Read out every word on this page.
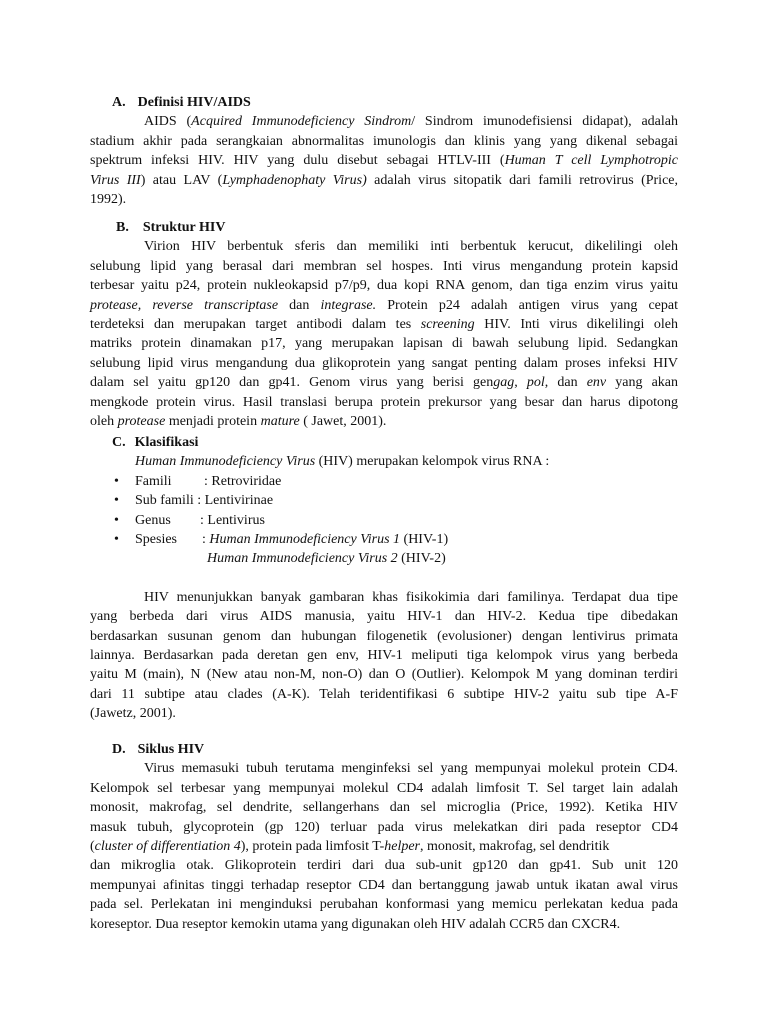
A. Definisi HIV/AIDS
AIDS (Acquired Immunodeficiency Sindrom/ Sindrom imunodefisiensi didapat), adalah
stadium akhir pada serangkaian abnormalitas imunologis dan klinis yang yang dikenal sebagai
spektrum infeksi HIV. HIV yang dulu disebut sebagai HTLV-III (Human T cell Lymphotropic
Virus III) atau LAV (Lymphadenophaty Virus) adalah virus sitopatik dari famili retrovirus (Price,
1992).
B. Struktur HIV
Virion HIV berbentuk sferis dan memiliki inti berbentuk kerucut, dikelilingi oleh
selubung lipid yang berasal dari membran sel hospes. Inti virus mengandung protein kapsid
terbesar yaitu p24, protein nukleokapsid p7/p9, dua kopi RNA genom, dan tiga enzim virus yaitu
protease, reverse transcriptase dan integrase. Protein p24 adalah antigen virus yang cepat
terdeteksi dan merupakan target antibodi dalam tes screening HIV. Inti virus dikelilingi oleh
matriks protein dinamakan p17, yang merupakan lapisan di bawah selubung lipid. Sedangkan
selubung lipid virus mengandung dua glikoprotein yang sangat penting dalam proses infeksi HIV
dalam sel yaitu gp120 dan gp41. Genom virus yang berisi gengag, pol, dan env yang akan
mengkode protein virus. Hasil translasi berupa protein prekursor yang besar dan harus dipotong
oleh protease menjadi protein mature ( Jawet, 2001).
C. Klasifikasi
Human Immunodeficiency Virus (HIV) merupakan kelompok virus RNA :
• Famili : Retroviridae
• Sub famili : Lentivirinae
• Genus : Lentivirus
• Spesies : Human Immunodeficiency Virus 1 (HIV-1)
Human Immunodeficiency Virus 2 (HIV-2)
HIV menunjukkan banyak gambaran khas fisikokimia dari familinya. Terdapat dua tipe
yang berbeda dari virus AIDS manusia, yaitu HIV-1 dan HIV-2. Kedua tipe dibedakan
berdasarkan susunan genom dan hubungan filogenetik (evolusioner) dengan lentivirus primata
lainnya. Berdasarkan pada deretan gen env, HIV-1 meliputi tiga kelompok virus yang berbeda
yaitu M (main), N (New atau non-M, non-O) dan O (Outlier). Kelompok M yang dominan terdiri
dari 11 subtipe atau clades (A-K). Telah teridentifikasi 6 subtipe HIV-2 yaitu sub tipe A-F
(Jawetz, 2001).
D. Siklus HIV
Virus memasuki tubuh terutama menginfeksi sel yang mempunyai molekul protein CD4.
Kelompok sel terbesar yang mempunyai molekul CD4 adalah limfosit T. Sel target lain adalah
monosit, makrofag, sel dendrite, sellangerhans dan sel microglia (Price, 1992). Ketika HIV
masuk tubuh, glycoprotein (gp 120) terluar pada virus melekatkan diri pada reseptor CD4
(cluster of differentiation 4), protein pada limfosit T-helper, monosit, makrofag, sel dendritik
dan mikroglia otak. Glikoprotein terdiri dari dua sub-unit gp120 dan gp41. Sub unit 120
mempunyai afinitas tinggi terhadap reseptor CD4 dan bertanggung jawab untuk ikatan awal virus
pada sel. Perlekatan ini menginduksi perubahan konformasi yang memicu perlekatan kedua pada
koreseptor. Dua reseptor kemokin utama yang digunakan oleh HIV adalah CCR5 dan CXCR4.
